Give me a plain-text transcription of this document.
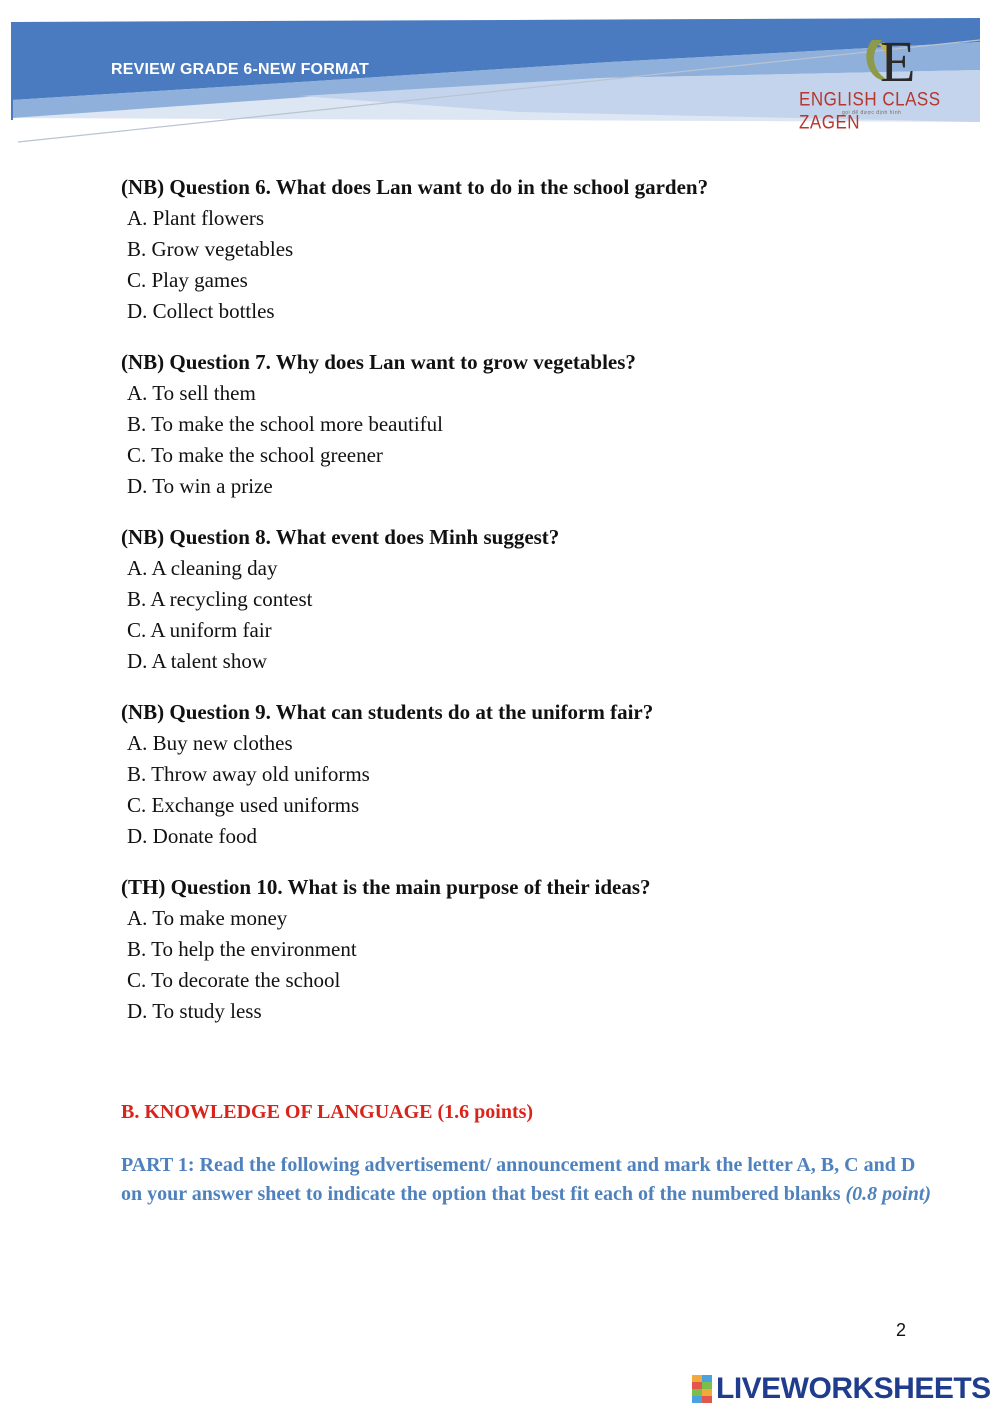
REVIEW GRADE 6-NEW FORMAT	E
ENGLISH CLASS ZAGEN
gọi để được định hình
(NB) Question 6. What does Lan want to do in the school garden?
A. Plant flowers
B. Grow vegetables
C. Play games
D. Collect bottles
(NB) Question 7. Why does Lan want to grow vegetables?
A. To sell them
B. To make the school more beautiful
C. To make the school greener
D. To win a prize
(NB) Question 8. What event does Minh suggest?
A. A cleaning day
B. A recycling contest
C. A uniform fair
D. A talent show
(NB) Question 9. What can students do at the uniform fair?
A. Buy new clothes
B. Throw away old uniforms
C. Exchange used uniforms
D. Donate food
(TH) Question 10. What is the main purpose of their ideas?
A. To make money
B. To help the environment
C. To decorate the school
D. To study less
B. KNOWLEDGE OF LANGUAGE (1.6 points)
PART 1: Read the following advertisement/ announcement and mark the letter A, B, C and D on your answer sheet to indicate the option that best fit each of the numbered blanks (0.8 point)
2
LIVEWORKSHEETS
